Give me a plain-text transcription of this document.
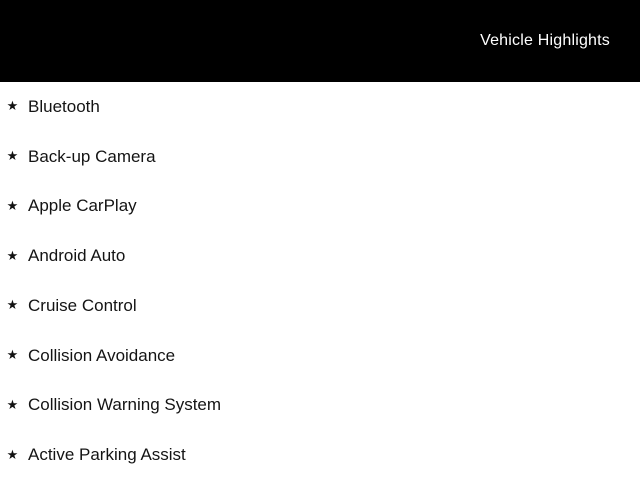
Vehicle Highlights
★ Bluetooth
★ Back-up Camera
★ Apple CarPlay
★ Android Auto
★ Cruise Control
★ Collision Avoidance
★ Collision Warning System
★ Active Parking Assist
